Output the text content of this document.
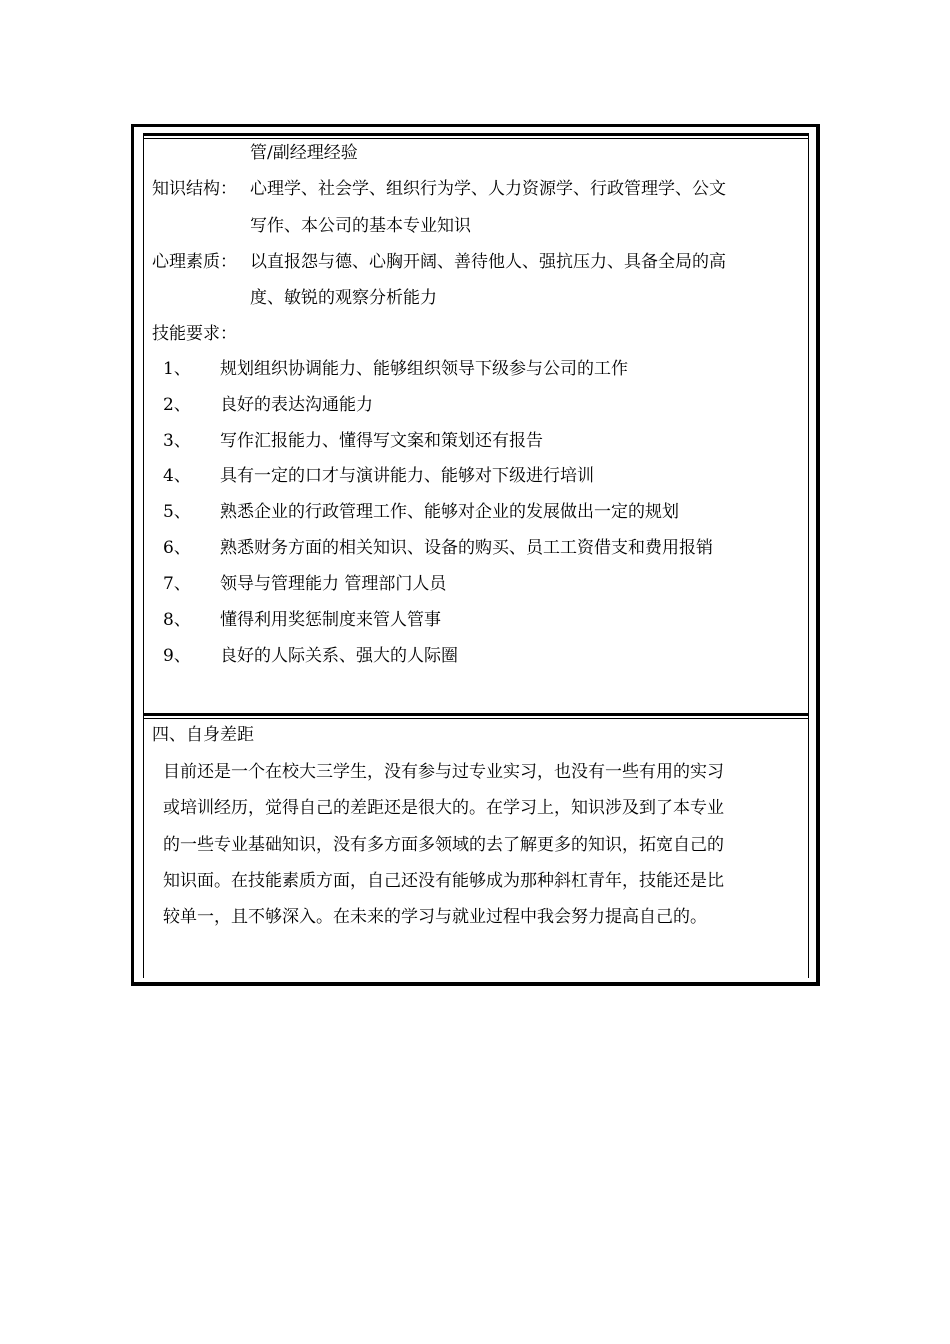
管/副经理经验
知识结构： 心理学、社会学、组织行为学、人力资源学、行政管理学、公文
写作、本公司的基本专业知识
心理素质： 以直报怨与德、心胸开阔、善待他人、强抗压力、具备全局的高
度、敏锐的观察分析能力
技能要求：
1、 规划组织协调能力、能够组织领导下级参与公司的工作
2、 良好的表达沟通能力
3、 写作汇报能力、懂得写文案和策划还有报告
4、 具有一定的口才与演讲能力、能够对下级进行培训
5、 熟悉企业的行政管理工作、能够对企业的发展做出一定的规划
6、 熟悉财务方面的相关知识、设备的购买、员工工资借支和费用报销
7、 领导与管理能力 管理部门人员
8、 懂得利用奖惩制度来管人管事
9、 良好的人际关系、强大的人际圈
四、自身差距
目前还是一个在校大三学生，没有参与过专业实习，也没有一些有用的实习
或培训经历，觉得自己的差距还是很大的。在学习上，知识涉及到了本专业
的一些专业基础知识，没有多方面多领域的去了解更多的知识，拓宽自己的
知识面。在技能素质方面，自己还没有能够成为那种斜杠青年，技能还是比
较单一，且不够深入。在未来的学习与就业过程中我会努力提高自己的。
